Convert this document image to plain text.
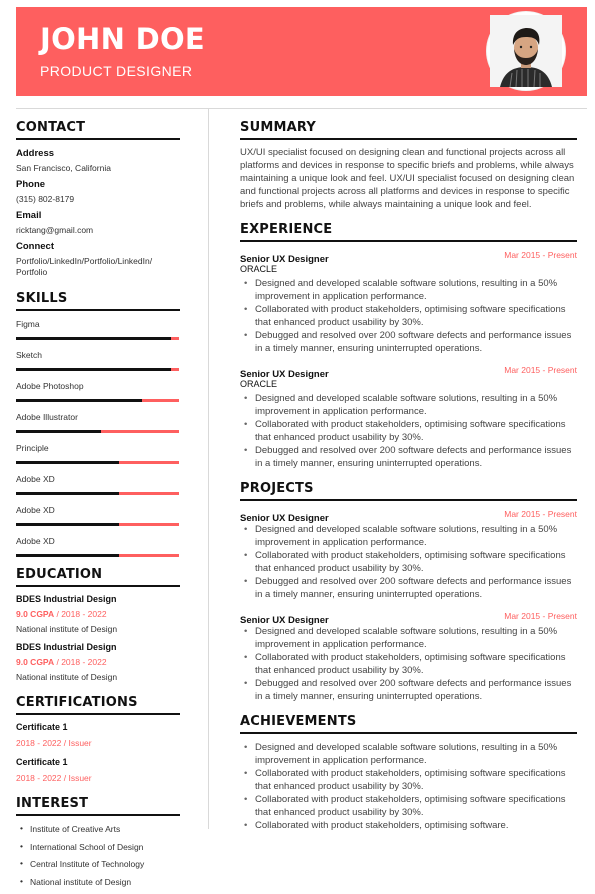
JOHN DOE
PRODUCT DESIGNER
CONTACT
Address
San Francisco, California
Phone
(315) 802-8179
Email
ricktang@gmail.com
Connect
Portfolio/LinkedIn/Portfolio/LinkedIn/
Portfolio
SKILLS
Figma
Sketch
Adobe Photoshop
Adobe Illustrator
Principle
Adobe XD
Adobe XD
Adobe XD
EDUCATION
BDES Industrial Design
9.0 CGPA / 2018 - 2022
National institute of Design
BDES Industrial Design
9.0 CGPA / 2018 - 2022
National institute of Design
CERTIFICATIONS
Certificate 1
2018 - 2022 / Issuer
Certificate 1
2018 - 2022 / Issuer
INTEREST
• Institute of Creative Arts
• International School of Design
• Central Institute of Technology
• National institute of Design
SUMMARY
UX/UI specialist focused on designing clean and functional projects across all platforms and devices in response to specific briefs and problems, while always maintaining a unique look and feel. UX/UI specialist focused on designing clean and functional projects across all platforms and devices in response to specific briefs and problems, while always maintaining a unique look and feel.
EXPERIENCE
Senior UX Designer	Mar 2015 - Present
ORACLE
• Designed and developed scalable software solutions, resulting in a 50% improvement in application performance.
• Collaborated with product stakeholders, optimising software specifications that enhanced product usability by 30%.
• Debugged and resolved over 200 software defects and performance issues in a timely manner, ensuring uninterrupted operations.
Senior UX Designer	Mar 2015 - Present
ORACLE
• Designed and developed scalable software solutions, resulting in a 50% improvement in application performance.
• Collaborated with product stakeholders, optimising software specifications that enhanced product usability by 30%.
• Debugged and resolved over 200 software defects and performance issues in a timely manner, ensuring uninterrupted operations.
PROJECTS
Senior UX Designer	Mar 2015 - Present
• Designed and developed scalable software solutions, resulting in a 50% improvement in application performance.
• Collaborated with product stakeholders, optimising software specifications that enhanced product usability by 30%.
• Debugged and resolved over 200 software defects and performance issues in a timely manner, ensuring uninterrupted operations.
Senior UX Designer	Mar 2015 - Present
• Designed and developed scalable software solutions, resulting in a 50% improvement in application performance.
• Collaborated with product stakeholders, optimising software specifications that enhanced product usability by 30%.
• Debugged and resolved over 200 software defects and performance issues in a timely manner, ensuring uninterrupted operations.
ACHIEVEMENTS
• Designed and developed scalable software solutions, resulting in a 50% improvement in application performance.
• Collaborated with product stakeholders, optimising software specifications that enhanced product usability by 30%.
• Collaborated with product stakeholders, optimising software specifications that enhanced product usability by 30%.
• Collaborated with product stakeholders, optimising software.
